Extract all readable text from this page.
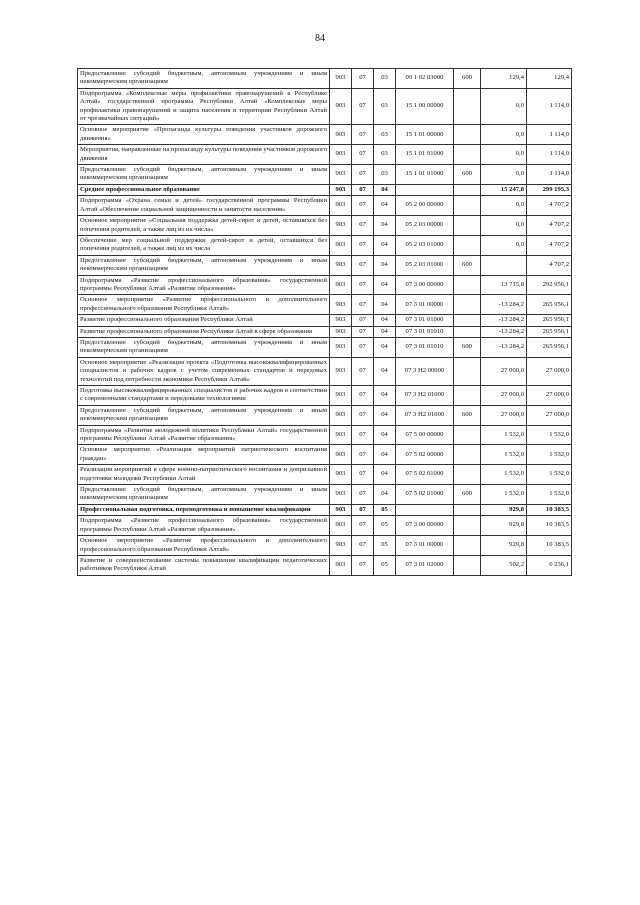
84
Предоставление субсидий бюджетным, автономным учреждениям и иным некоммерческим организациям	903	07	03	09 1 02 03000	600	129,4	129,4
Подпрограмма «Комплексные меры профилактики правонарушений в Республике Алтай» государственной программы Республики Алтай «Комплексные меры профилактики правонарушений и защита населения и территории Республики Алтай от чрезвычайных ситуаций»	903	07	03	15 1 00 00000		0,0	1 114,0
Основное мероприятие «Пропаганда культуры поведения участников дорожного движения»	903	07	03	15 1 01 00000		0,0	1 114,0
Мероприятия, направленные на пропаганду культуры поведения участников дорожного движения	903	07	03	15 1 01 01000		0,0	1 114,0
Предоставление субсидий бюджетным, автономным учреждениям и иным некоммерческим организациям	903	07	03	15 1 01 01000	600	0,0	1 114,0
Среднее профессиональное образование	903	07	04			15 247,8	299 195,3
Подпрограмма «Охрана семьи и детей» государственной программы Республики Алтай «Обеспечение социальной защищенности и занятости населения»	903	07	04	05 2 00 00000		0,0	4 707,2
Основное мероприятие «Социальная поддержка детей-сирот и детей, оставшихся без попечения родителей, а также лиц из их числа»	903	07	04	05 2 03 00000		0,0	4 707,2
Обеспечение мер социальной поддержки детей-сирот и детей, оставшихся без попечения родителей, а также лиц из их числа	903	07	04	05 2 03 01000		0,0	4 707,2
Предоставление субсидий бюджетным, автономным учреждениям и иным некоммерческим организациям	903	07	04	05 2 03 01000	600		4 707,2
Подпрограмма «Развитие профессионального образования» государственной программы Республики Алтай «Развитие образования»	903	07	04	07 3 00 00000		13 715,8	292 956,1
Основное мероприятие «Развитие профессионального и дополнительного профессионального образования Республики Алтай»	903	07	04	07 3 01 00000		-13 284,2	265 956,1
Развитие профессионального образования Республики Алтай	903	07	04	07 3 01 01000		-13 284,2	265 956,1
Развитие профессионального образования Республики Алтай в сфере образования	903	07	04	07 3 01 01010		-13 284,2	265 956,1
Предоставление субсидий бюджетным, автономным учреждениям и иным некоммерческим организациям	903	07	04	07 3 01 01010	600	-13 284,2	265 956,1
Основное мероприятие «Реализация проекта «Подготовка высококвалифицированных специалистов и рабочих кадров с учетом современных стандартов и передовых технологий под потребности экономики Республики Алтай»	903	07	04	07 3 Н2 00000		27 000,0	27 000,0
Подготовка высококвалифицированных специалистов и рабочих кадров в соответствии с современными стандартами и передовыми технологиями	903	07	04	07 3 Н2 01000		27 000,0	27 000,0
Предоставление субсидий бюджетным, автономным учреждениям и иным некоммерческим организациям	903	07	04	07 3 Н2 01000	600	27 000,0	27 000,0
Подпрограмма «Развитие молодежной политики Республики Алтай» государственной программы Республики Алтай «Развитие образования»	903	07	04	07 5 00 00000		1 532,0	1 532,0
Основное мероприятие «Реализация мероприятий патриотического воспитания граждан»	903	07	04	07 5 02 00000		1 532,0	1 532,0
Реализация мероприятий в сфере военно-патриотического воспитания и допризывной подготовки молодежи Республики Алтай	903	07	04	07 5 02 01000		1 532,0	1 532,0
Предоставление субсидий бюджетным, автономным учреждениям и иным некоммерческим организациям	903	07	04	07 5 02 01000	600	1 532,0	1 532,0
Профессиональная подготовка, переподготовка и повышение квалификации	903	07	05			929,8	10 383,5
Подпрограмма «Развитие профессионального образования» государственной программы Республики Алтай «Развитие образования»	903	07	05	07 3 00 00000		929,8	10 383,5
Основное мероприятие «Развитие профессионального и дополнительного профессионального образования Республики Алтай»	903	07	05	07 3 01 00000		929,8	10 383,5
Развитие и совершенствование системы повышения квалификации педагогических работников Республики Алтай	903	07	05	07 3 01 02000		502,2	6 236,1
